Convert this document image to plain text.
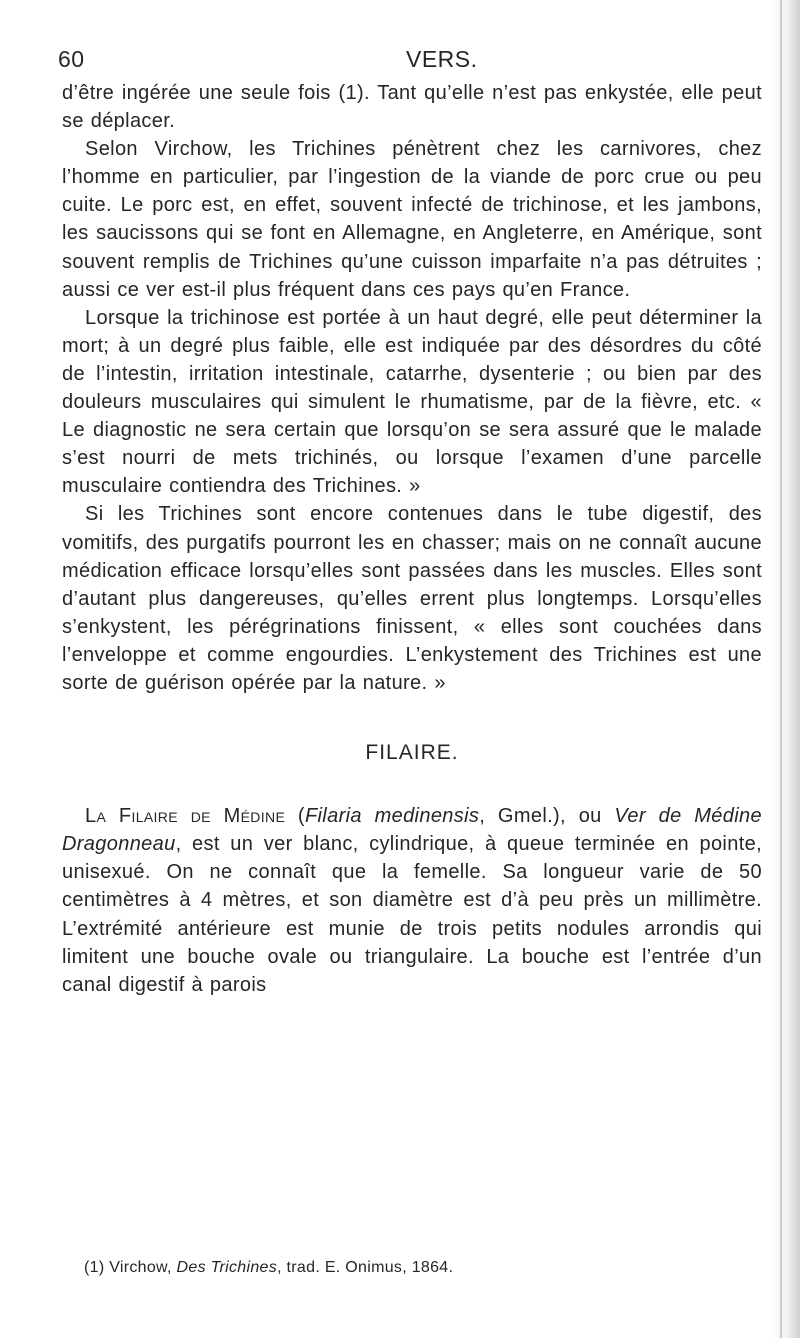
60	VERS.

d’être ingérée une seule fois (1). Tant qu’elle n’est pas enkystée, elle peut se déplacer.

Selon Virchow, les Trichines pénètrent chez les carnivores, chez l’homme en particulier, par l’ingestion de la viande de porc crue ou peu cuite. Le porc est, en effet, souvent infecté de trichinose, et les jambons, les saucissons qui se font en Allemagne, en Angleterre, en Amérique, sont souvent remplis de Trichines qu’une cuisson imparfaite n’a pas détruites ; aussi ce ver est-il plus fréquent dans ces pays qu’en France.

Lorsque la trichinose est portée à un haut degré, elle peut déterminer la mort; à un degré plus faible, elle est indiquée par des désordres du côté de l’intestin, irritation intestinale, catarrhe, dysenterie ; ou bien par des douleurs musculaires qui simulent le rhumatisme, par de la fièvre, etc. « Le diagnostic ne sera certain que lorsqu’on se sera assuré que le malade s’est nourri de mets trichinés, ou lorsque l’examen d’une parcelle musculaire contiendra des Trichines. »

Si les Trichines sont encore contenues dans le tube digestif, des vomitifs, des purgatifs pourront les en chasser; mais on ne connaît aucune médication efficace lorsqu’elles sont passées dans les muscles. Elles sont d’autant plus dangereuses, qu’elles errent plus longtemps. Lorsqu’elles s’enkystent, les pérégrinations finissent, « elles sont couchées dans l’enveloppe et comme engourdies. L’enkystement des Trichines est une sorte de guérison opérée par la nature. »

FILAIRE.

La Filaire de Médine (Filaria medinensis, Gmel.), ou Ver de Médine Dragonneau, est un ver blanc, cylindrique, à queue terminée en pointe, unisexué. On ne connaît que la femelle. Sa longueur varie de 50 centimètres à 4 mètres, et son diamètre est d’à peu près un millimètre. L’extrémité antérieure est munie de trois petits nodules arrondis qui limitent une bouche ovale ou triangulaire. La bouche est l’entrée d’un canal digestif à parois

(1) Virchow, Des Trichines, trad. E. Onimus, 1864.
